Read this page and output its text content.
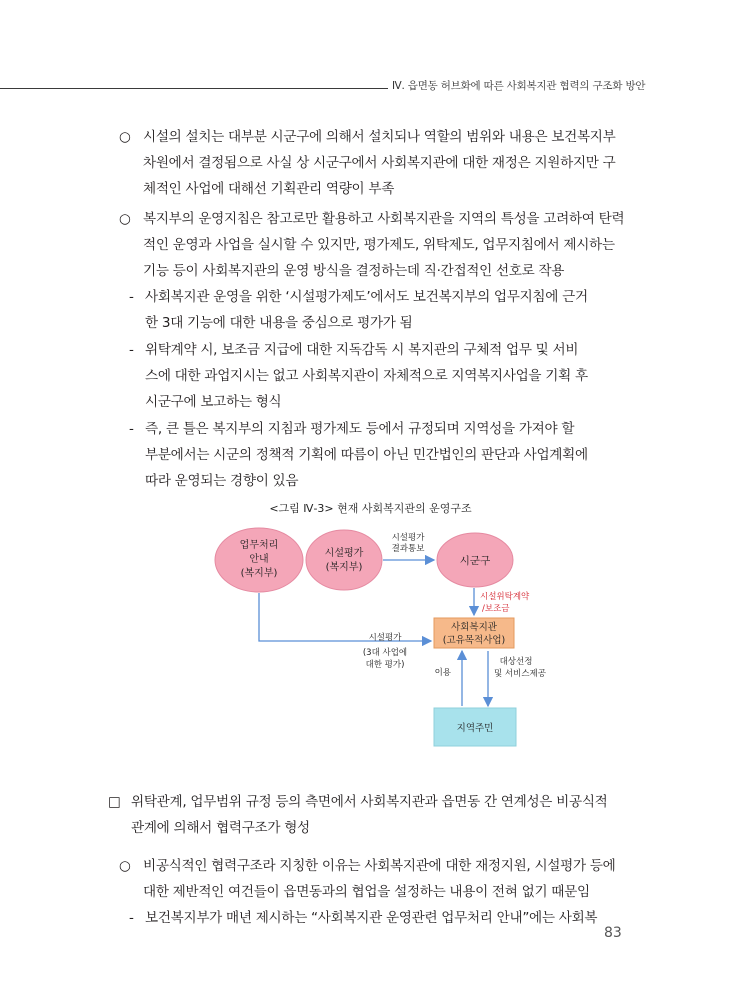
Ⅳ. 읍면동 허브화에 따른 사회복지관 협력의 구조화 방안
○ 시설의 설치는 대부분 시군구에 의해서 설치되나 역할의 범위와 내용은 보건복지부
차원에서 결정됨으로 사실 상 시군구에서 사회복지관에 대한 재정은 지원하지만 구
체적인 사업에 대해선 기획관리 역량이 부족
○ 복지부의 운영지침은 참고로만 활용하고 사회복지관을 지역의 특성을 고려하여 탄력
적인 운영과 사업을 실시할 수 있지만, 평가제도, 위탁제도, 업무지침에서 제시하는
기능 등이 사회복지관의 운영 방식을 결정하는데 직·간접적인 선호로 작용
- 사회복지관 운영을 위한 ‘시설평가제도’에서도 보건복지부의 업무지침에 근거
한 3대 기능에 대한 내용을 중심으로 평가가 됨
- 위탁계약 시, 보조금 지급에 대한 지독감독 시 복지관의 구체적 업무 및 서비
스에 대한 과업지시는 없고 사회복지관이 자체적으로 지역복지사업을 기획 후
시군구에 보고하는 형식
- 즉, 큰 틀은 복지부의 지침과 평가제도 등에서 규정되며 지역성을 가져야 할
부분에서는 시군의 정책적 기획에 따름이 아닌 민간법인의 판단과 사업계획에
따라 운영되는 경향이 있음
<그림 Ⅳ-3> 현재 사회복지관의 운영구조
업무처리
안내
(복지부)
시설평가
(복지부)
시군구
사회복지관
(고유목적사업)
지역주민
시설평가
결과통보
시설위탁계약
/보조금
시설평가
(3대 사업에
대한 평가)
이용
대상선정
및 서비스제공
□ 위탁관계, 업무범위 규정 등의 측면에서 사회복지관과 읍면동 간 연계성은 비공식적
관계에 의해서 협력구조가 형성
○ 비공식적인 협력구조라 지칭한 이유는 사회복지관에 대한 재정지원, 시설평가 등에
대한 제반적인 여건들이 읍면동과의 협업을 설정하는 내용이 전혀 없기 때문임
- 보건복지부가 매년 제시하는 “사회복지관 운영관련 업무처리 안내”에는 사회복
83
